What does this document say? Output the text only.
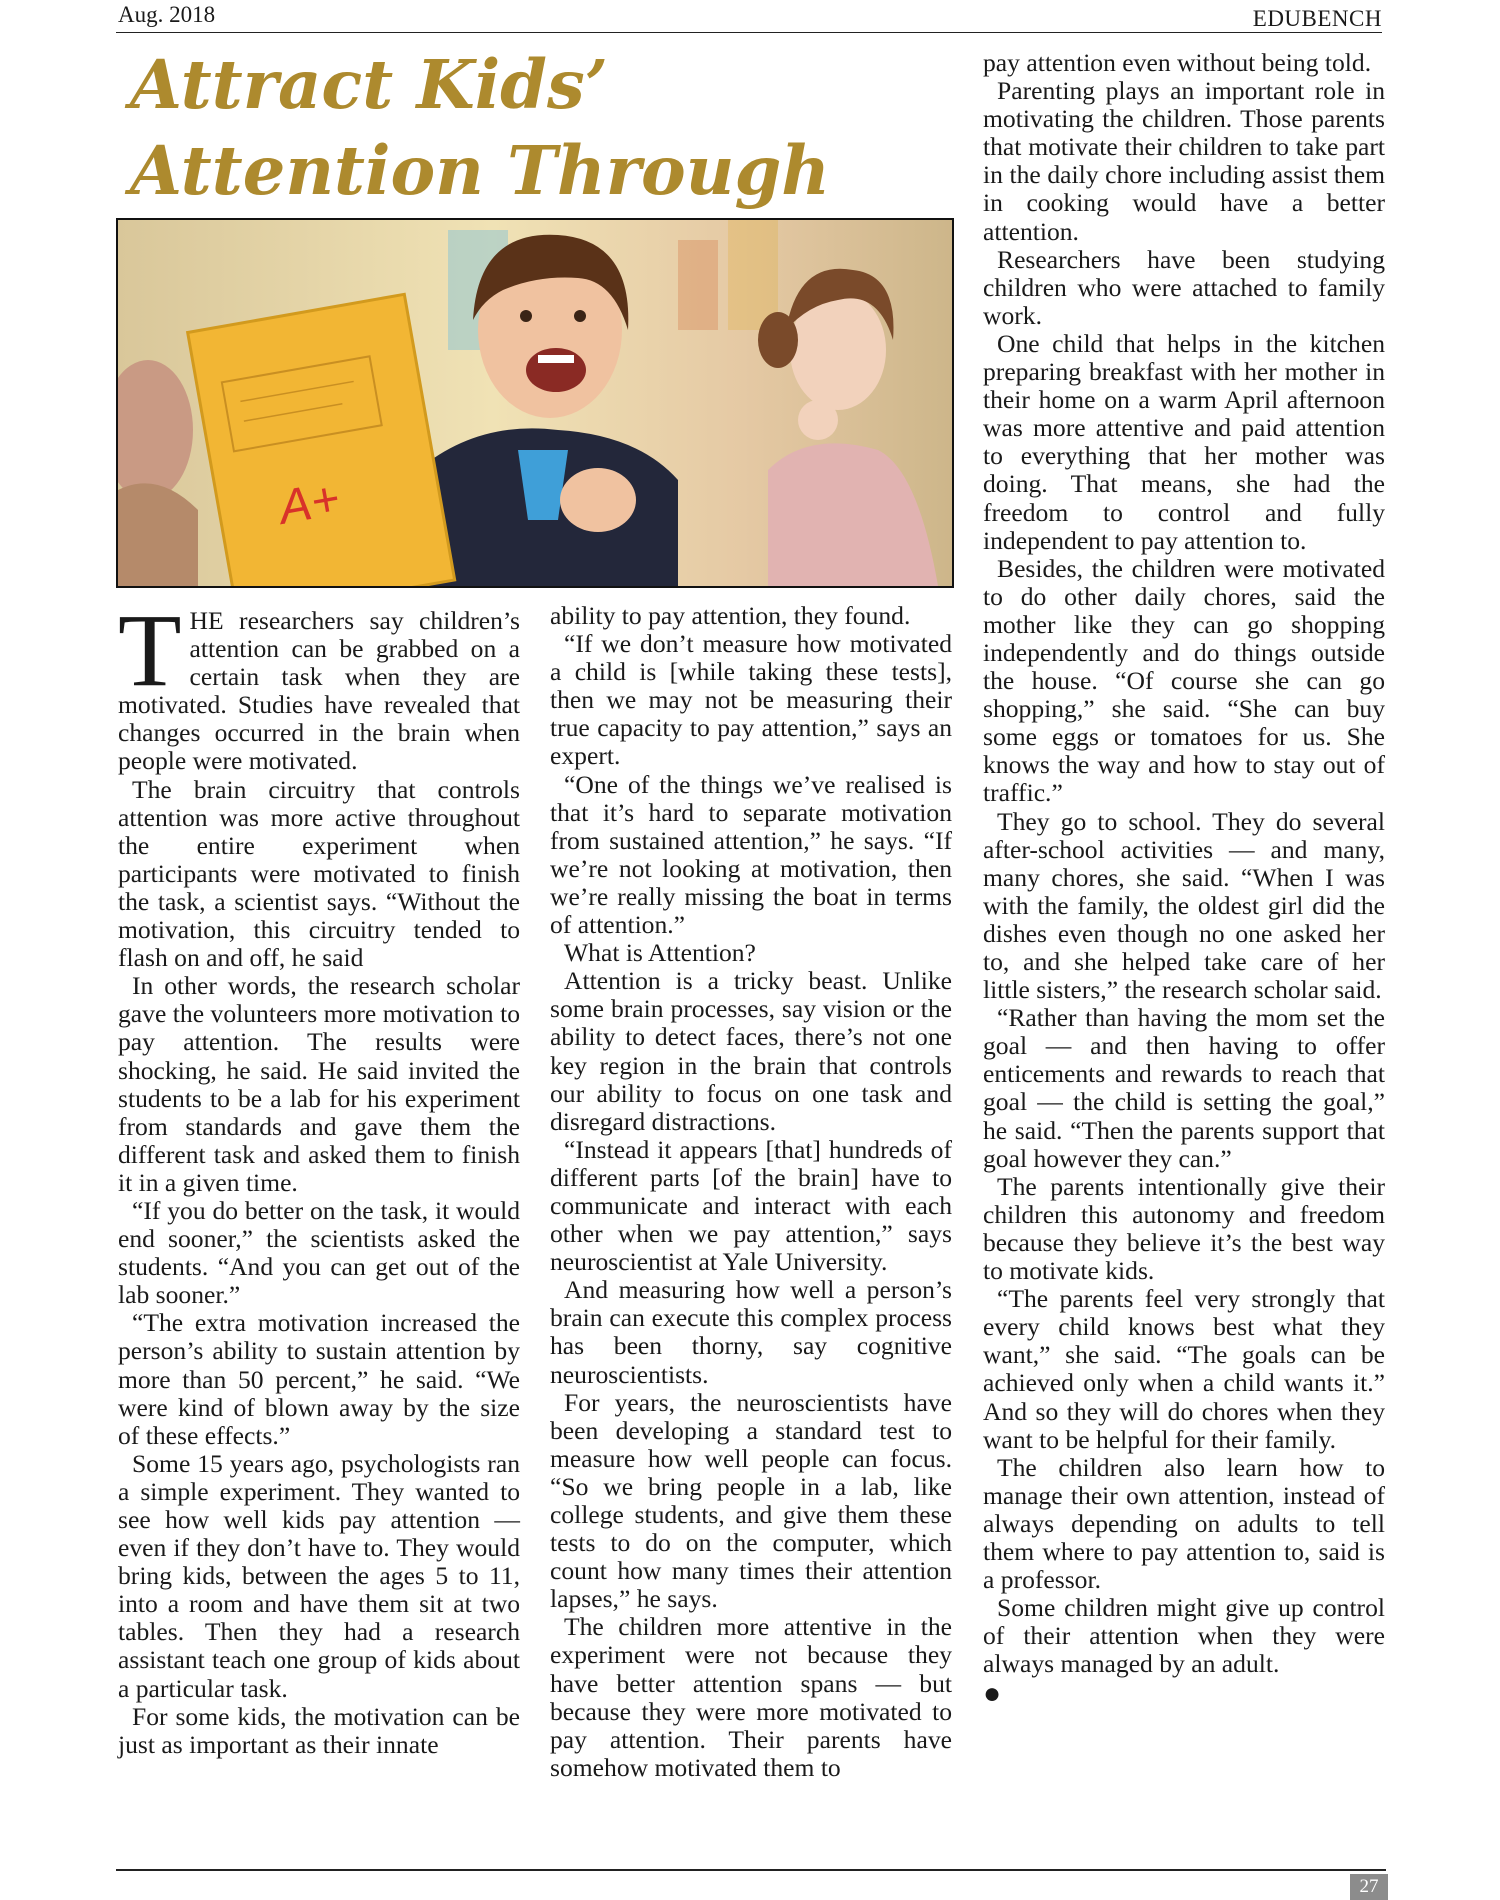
Aug. 2018	EDUBENCH
Attract Kids’ Attention Through
A+

THE researchers say children’s attention can be grabbed on a certain task when they are motivated. Studies have revealed that changes occurred in the brain when people were motivated.

The brain circuitry that controls attention was more active throughout the entire experiment when participants were motivated to finish the task, a scientist says. “Without the motivation, this circuitry tended to flash on and off, he said

In other words, the research scholar gave the volunteers more motivation to pay attention. The results were shocking, he said. He said invited the students to be a lab for his experiment from standards and gave them the different task and asked them to finish it in a given time.

“If you do better on the task, it would end sooner,” the scientists asked the students. “And you can get out of the lab sooner.”

“The extra motivation increased the person’s ability to sustain attention by more than 50 percent,” he said. “We were kind of blown away by the size of these effects.”

Some 15 years ago, psychologists ran a simple experiment. They wanted to see how well kids pay attention — even if they don’t have to. They would bring kids, between the ages 5 to 11, into a room and have them sit at two tables. Then they had a research assistant teach one group of kids about a particular task.

For some kids, the motivation can be just as important as their innate

ability to pay attention, they found.

“If we don’t measure how motivated a child is [while taking these tests], then we may not be measuring their true capacity to pay attention,” says an expert.

“One of the things we’ve realised is that it’s hard to separate motivation from sustained attention,” he says. “If we’re not looking at motivation, then we’re really missing the boat in terms of attention.”

What is Attention?

Attention is a tricky beast. Unlike some brain processes, say vision or the ability to detect faces, there’s not one key region in the brain that controls our ability to focus on one task and disregard distractions.

“Instead it appears [that] hundreds of different parts [of the brain] have to communicate and interact with each other when we pay attention,” says neuroscientist at Yale University.

And measuring how well a person’s brain can execute this complex process has been thorny, say cognitive neuroscientists.

For years, the neuroscientists have been developing a standard test to measure how well people can focus. “So we bring people in a lab, like college students, and give them these tests to do on the computer, which count how many times their attention lapses,” he says.

The children more attentive in the experiment were not because they have better attention spans — but because they were more motivated to pay attention. Their parents have somehow motivated them to

pay attention even without being told.

Parenting plays an important role in motivating the children. Those parents that motivate their children to take part in the daily chore including assist them in cooking would have a better attention.

Researchers have been studying children who were attached to family work.

One child that helps in the kitchen preparing breakfast with her mother in their home on a warm April afternoon was more attentive and paid attention to everything that her mother was doing. That means, she had the freedom to control and fully independent to pay attention to.

Besides, the children were motivated to do other daily chores, said the mother like they can go shopping independently and do things outside the house. “Of course she can go shopping,” she said. “She can buy some eggs or tomatoes for us. She knows the way and how to stay out of traffic.”

They go to school. They do several after-school activities — and many, many chores, she said. “When I was with the family, the oldest girl did the dishes even though no one asked her to, and she helped take care of her little sisters,” the research scholar said.

“Rather than having the mom set the goal — and then having to offer enticements and rewards to reach that goal — the child is setting the goal,” he said. “Then the parents support that goal however they can.”

The parents intentionally give their children this autonomy and freedom because they believe it’s the best way to motivate kids.

“The parents feel very strongly that every child knows best what they want,” she said. “The goals can be achieved only when a child wants it.” And so they will do chores when they want to be helpful for their family.

The children also learn how to manage their own attention, instead of always depending on adults to tell them where to pay attention to, said is a professor.

Some children might give up control of their attention when they were always managed by an adult.

●
27
